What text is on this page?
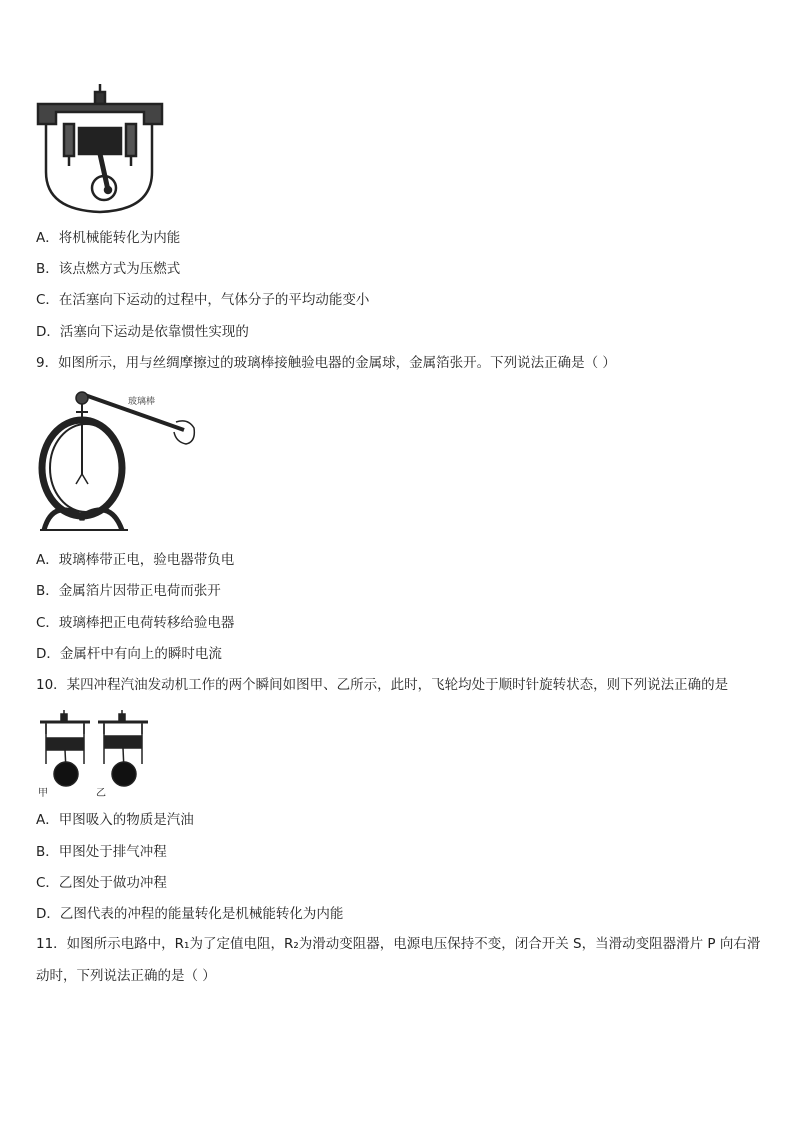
A．将机械能转化为内能
B．该点燃方式为压燃式
C．在活塞向下运动的过程中，气体分子的平均动能变小
D．活塞向下运动是依靠惯性实现的
9．如图所示，用与丝绸摩擦过的玻璃棒接触验电器的金属球，金属箔张开。下列说法正确是（ ）
玻璃棒
A．玻璃棒带正电，验电器带负电
B．金属箔片因带正电荷而张开
C．玻璃棒把正电荷转移给验电器
D．金属杆中有向上的瞬时电流
10．某四冲程汽油发动机工作的两个瞬间如图甲、乙所示，此时，飞轮均处于顺时针旋转状态，则下列说法正确的是
甲	乙
A．甲图吸入的物质是汽油
B．甲图处于排气冲程
C．乙图处于做功冲程
D．乙图代表的冲程的能量转化是机械能转化为内能
11．如图所示电路中，R₁为了定值电阻，R₂为滑动变阻器，电源电压保持不变，闭合开关 S，当滑动变阻器滑片 P 向右滑动时，下列说法正确的是（ ）
